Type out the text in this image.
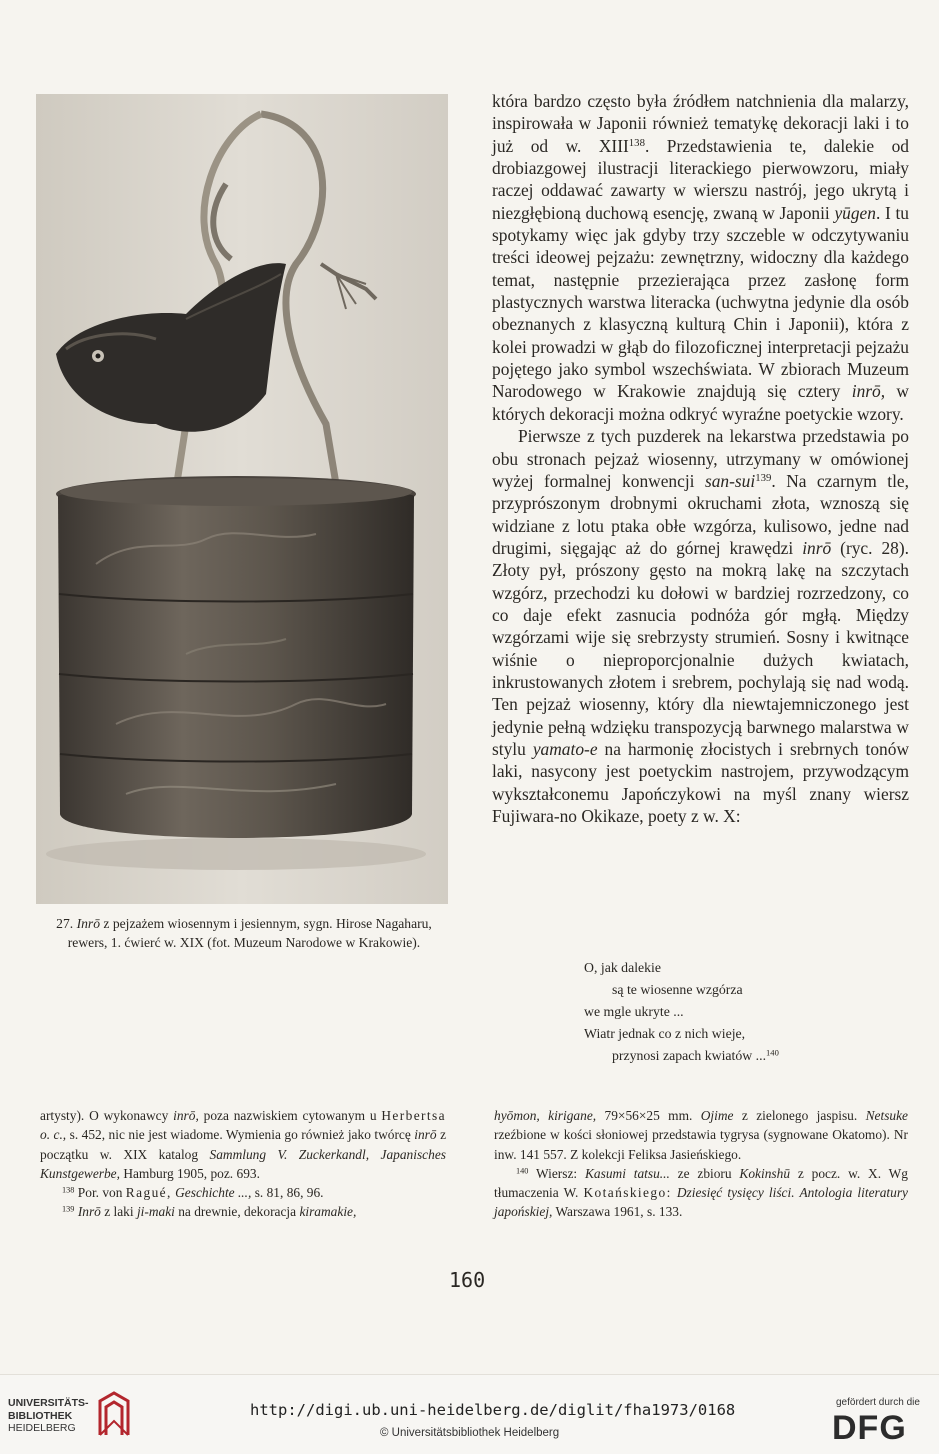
27. Inrō z pejzażem wiosennym i jesiennym, sygn. Hirose Nagaharu, rewers, 1. ćwierć w. XIX (fot. Muzeum Narodowe w Krakowie).

która bardzo często była źródłem natchnienia dla malarzy, inspirowała w Japonii również tematykę dekoracji laki i to już od w. XIII$^{138}$. Przedstawienia te, dalekie od drobiazgowej ilustracji literackiego pierwowzoru, miały raczej oddawać zawarty w wierszu nastrój, jego ukrytą i niezgłębioną duchową esencję, zwaną w Japonii yūgen. I tu spotykamy więc jak gdyby trzy szczeble w odczytywaniu treści ideowej pejzażu: zewnętrzny, widoczny dla każdego temat, następnie przezierająca przez zasłonę form plastycznych warstwa literacka (uchwytna jedynie dla osób obeznanych z klasyczną kulturą Chin i Japonii), która z kolei prowadzi w głąb do filozoficznej interpretacji pejzażu pojętego jako symbol wszechświata. W zbiorach Muzeum Narodowego w Krakowie znajdują się cztery inrō, w których dekoracji można odkryć wyraźne poetyckie wzory.

Pierwsze z tych puzderek na lekarstwa przedstawia po obu stronach pejzaż wiosenny, utrzymany w omówionej wyżej formalnej konwencji san-sui$^{139}$. Na czarnym tle, przyprószonym drobnymi okruchami złota, wznoszą się widziane z lotu ptaka obłe wzgórza, kulisowo, jedne nad drugimi, sięgając aż do górnej krawędzi inrō (ryc. 28). Złoty pył, prószony gęsto na mokrą lakę na szczytach wzgórz, przechodzi ku dołowi w bardziej rozrzedzony, co co daje efekt zasnucia podnóża gór mgłą. Między wzgórzami wije się srebrzysty strumień. Sosny i kwitnące wiśnie o nieproporcjonalnie dużych kwiatach, inkrustowanych złotem i srebrem, pochylają się nad wodą. Ten pejzaż wiosenny, który dla niewtajemniczonego jest jedynie pełną wdzięku transpozycją barwnego malarstwa w stylu yamato-e na harmonię złocistych i srebrnych tonów laki, nasycony jest poetyckim nastrojem, przywodzącym wykształconemu Japończykowi na myśl znany wiersz Fujiwara-no Okikaze, poety z w. X:

O, jak dalekie
są te wiosenne wzgórza
we mgle ukryte ...
Wiatr jednak co z nich wieje,
przynosi zapach kwiatów ...$^{140}$

artysty). O wykonawcy inrō, poza nazwiskiem cytowanym u Herbertsa o. c., s. 452, nic nie jest wiadome. Wymienia go również jako twórcę inrō z początku w. XIX katalog Sammlung V. Zuckerkandl, Japanisches Kunstgewerbe, Hamburg 1905, poz. 693.

$^{138}$ Por. von Ragué, Geschichte ..., s. 81, 86, 96.

$^{139}$ Inrō z laki ji-maki na drewnie, dekoracja kiramakie,

hyōmon, kirigane, 79×56×25 mm. Ojime z zielonego jaspisu. Netsuke rzeźbione w kości słoniowej przedstawia tygrysa (sygnowane Okatomo). Nr inw. 141 557. Z kolekcji Feliksa Jasieńskiego.

$^{140}$ Wiersz: Kasumi tatsu... ze zbioru Kokinshū z pocz. w. X. Wg tłumaczenia W. Kotańskiego: Dziesięć tysięcy liści. Antologia literatury japońskiej, Warszawa 1961, s. 133.

160
UNIVERSITÄTS-
BIBLIOTHEK
HEIDELBERG
http://digi.ub.uni-heidelberg.de/diglit/fha1973/0168
© Universitätsbibliothek Heidelberg
gefördert durch die
DFG
